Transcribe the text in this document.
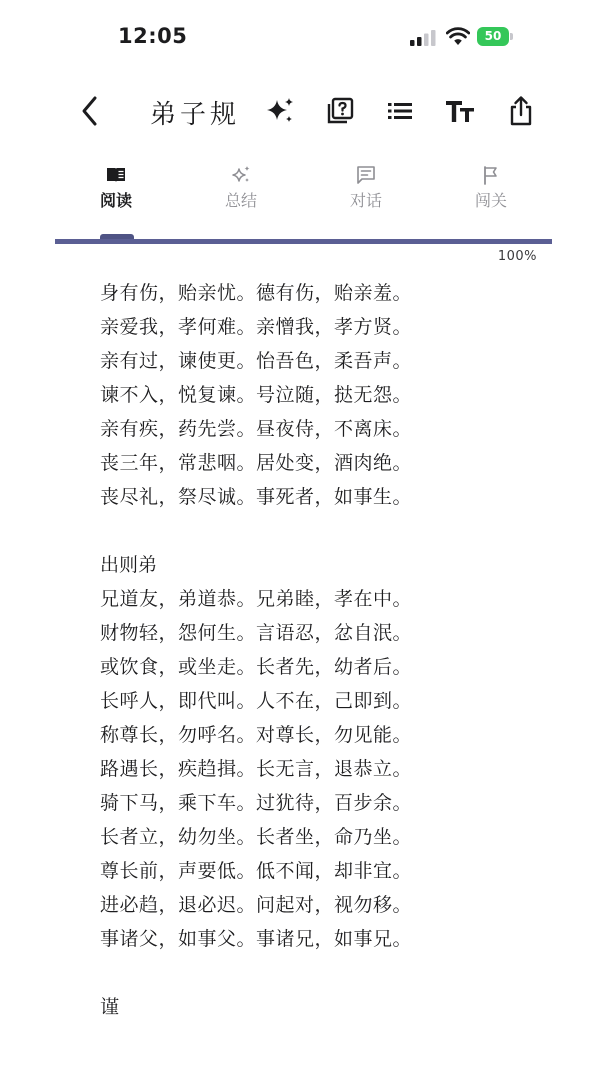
12:05	50
弟子规
阅读	总结	对话	闯关
100%
身有伤，贻亲忧。德有伤，贻亲羞。
亲爱我，孝何难。亲憎我，孝方贤。
亲有过，谏使更。怡吾色，柔吾声。
谏不入，悦复谏。号泣随，挞无怨。
亲有疾，药先尝。昼夜侍，不离床。
丧三年，常悲咽。居处变，酒肉绝。
丧尽礼，祭尽诚。事死者，如事生。
出则弟
兄道友，弟道恭。兄弟睦，孝在中。
财物轻，怨何生。言语忍，忿自泯。
或饮食，或坐走。长者先，幼者后。
长呼人，即代叫。人不在，己即到。
称尊长，勿呼名。对尊长，勿见能。
路遇长，疾趋揖。长无言，退恭立。
骑下马，乘下车。过犹待，百步余。
长者立，幼勿坐。长者坐，命乃坐。
尊长前，声要低。低不闻，却非宜。
进必趋，退必迟。问起对，视勿移。
事诸父，如事父。事诸兄，如事兄。
谨
